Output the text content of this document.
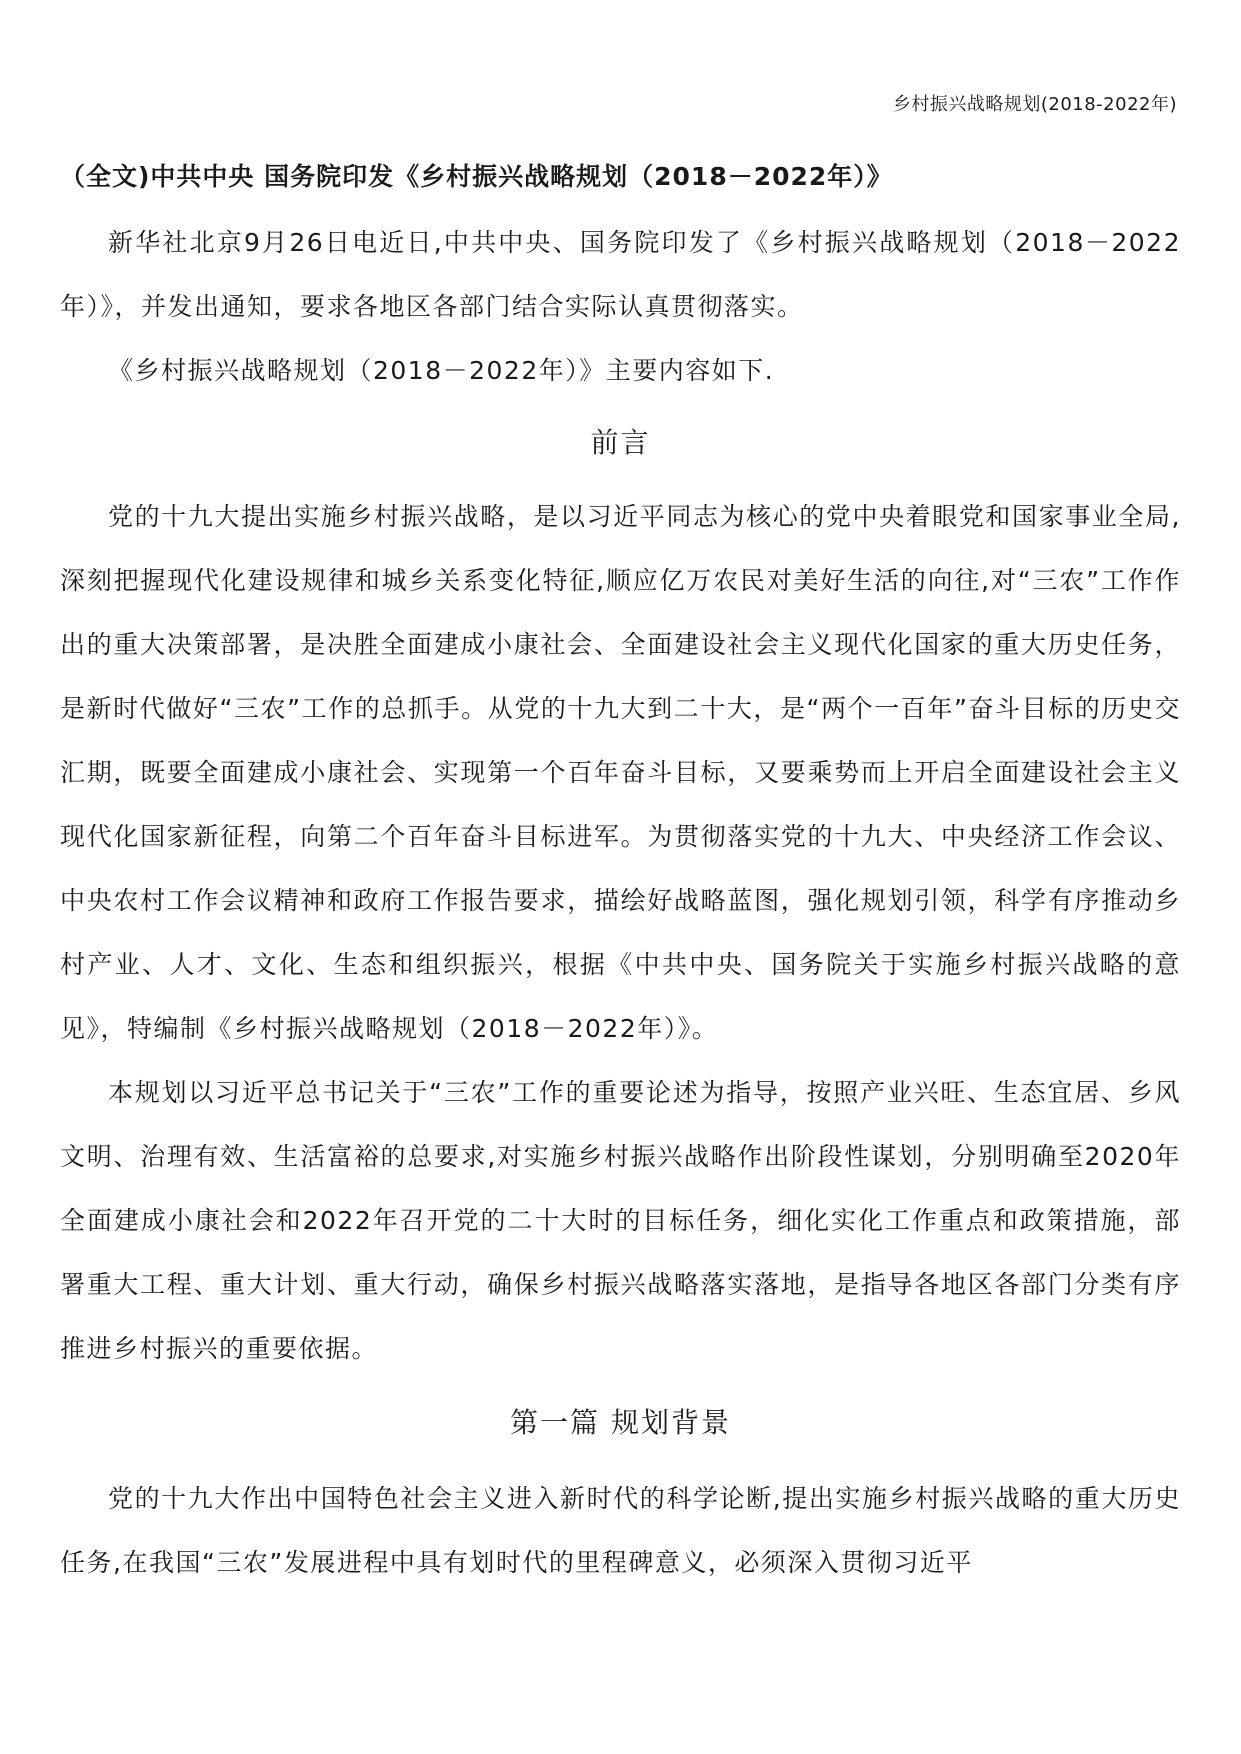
乡村振兴战略规划(2018-2022年)
（全文)中共中央 国务院印发《乡村振兴战略规划（2018－2022年）》

新华社北京9月26日电近日,中共中央、国务院印发了《乡村振兴战略规划（2018－2022年）》，并发出通知，要求各地区各部门结合实际认真贯彻落实。

《乡村振兴战略规划（2018－2022年）》主要内容如下.

前言

党的十九大提出实施乡村振兴战略，是以习近平同志为核心的党中央着眼党和国家事业全局,深刻把握现代化建设规律和城乡关系变化特征,顺应亿万农民对美好生活的向往,对“三农”工作作出的重大决策部署，是决胜全面建成小康社会、全面建设社会主义现代化国家的重大历史任务，是新时代做好“三农”工作的总抓手。从党的十九大到二十大，是“两个一百年”奋斗目标的历史交汇期，既要全面建成小康社会、实现第一个百年奋斗目标，又要乘势而上开启全面建设社会主义现代化国家新征程，向第二个百年奋斗目标进军。为贯彻落实党的十九大、中央经济工作会议、中央农村工作会议精神和政府工作报告要求，描绘好战略蓝图，强化规划引领，科学有序推动乡村产业、人才、文化、生态和组织振兴，根据《中共中央、国务院关于实施乡村振兴战略的意见》，特编制《乡村振兴战略规划（2018－2022年）》。

本规划以习近平总书记关于“三农”工作的重要论述为指导，按照产业兴旺、生态宜居、乡风文明、治理有效、生活富裕的总要求,对实施乡村振兴战略作出阶段性谋划，分别明确至2020年全面建成小康社会和2022年召开党的二十大时的目标任务，细化实化工作重点和政策措施，部署重大工程、重大计划、重大行动，确保乡村振兴战略落实落地，是指导各地区各部门分类有序推进乡村振兴的重要依据。

第一篇 规划背景

党的十九大作出中国特色社会主义进入新时代的科学论断,提出实施乡村振兴战略的重大历史任务,在我国“三农”发展进程中具有划时代的里程碑意义，必须深入贯彻习近平
